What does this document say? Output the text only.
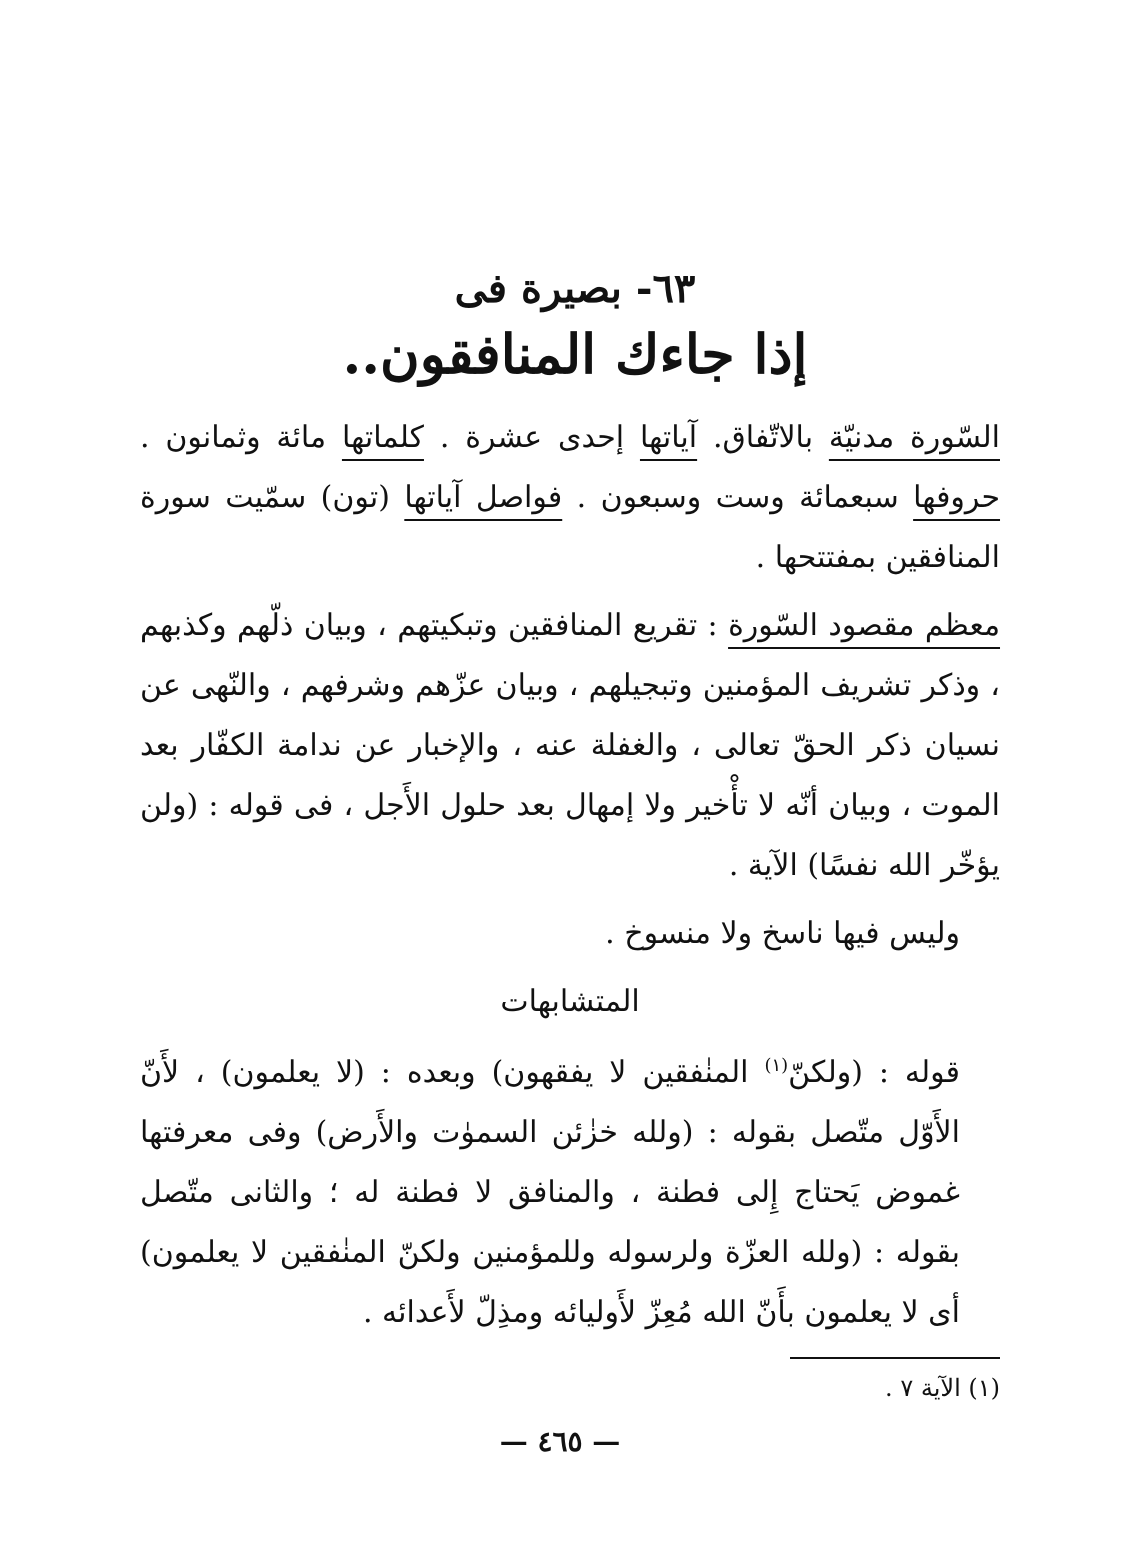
٦٣- بصيرة فى
إذا جاءك المنافقون..

السّورة مدنيّة بالاتّفاق. آياتها إحدى عشرة . كلماتها مائة وثمانون . حروفها سبعمائة وست وسبعون . فواصل آياتها (تون) سمّيت سورة المنافقين بمفتتحها .

معظم مقصود السّورة : تقريع المنافقين وتبكيتهم ، وبيان ذلّهم وكذبهم ، وذكر تشريف المؤمنين وتبجيلهم ، وبيان عزّهم وشرفهم ، والنّهى عن نسيان ذكر الحقّ تعالى ، والغفلة عنه ، والإخبار عن ندامة الكفّار بعد الموت ، وبيان أنّه لا تأْخير ولا إمهال بعد حلول الأَجل ، فى قوله : (ولن يؤخّر الله نفسًا) الآية .

وليس فيها ناسخ ولا منسوخ .

المتشابهات

قوله : (ولكنّ$^{(١)}$ المنٰفقين لا يفقهون) وبعده : (لا يعلمون) ، لأَنّ الأَوّل متّصل بقوله : (ولله خزٰئن السموٰت والأَرض) وفى معرفتها غموض يَحتاج إِلى فطنة ، والمنافق لا فطنة له ؛ والثانى متّصل بقوله : (ولله العزّة ولرسوله وللمؤمنين ولكنّ المنٰفقين لا يعلمون) أى لا يعلمون بأَنّ الله مُعِزّ لأَوليائه ومذِلّ لأَعدائه .

(١) الآية ٧ .
— ٤٦٥ —
